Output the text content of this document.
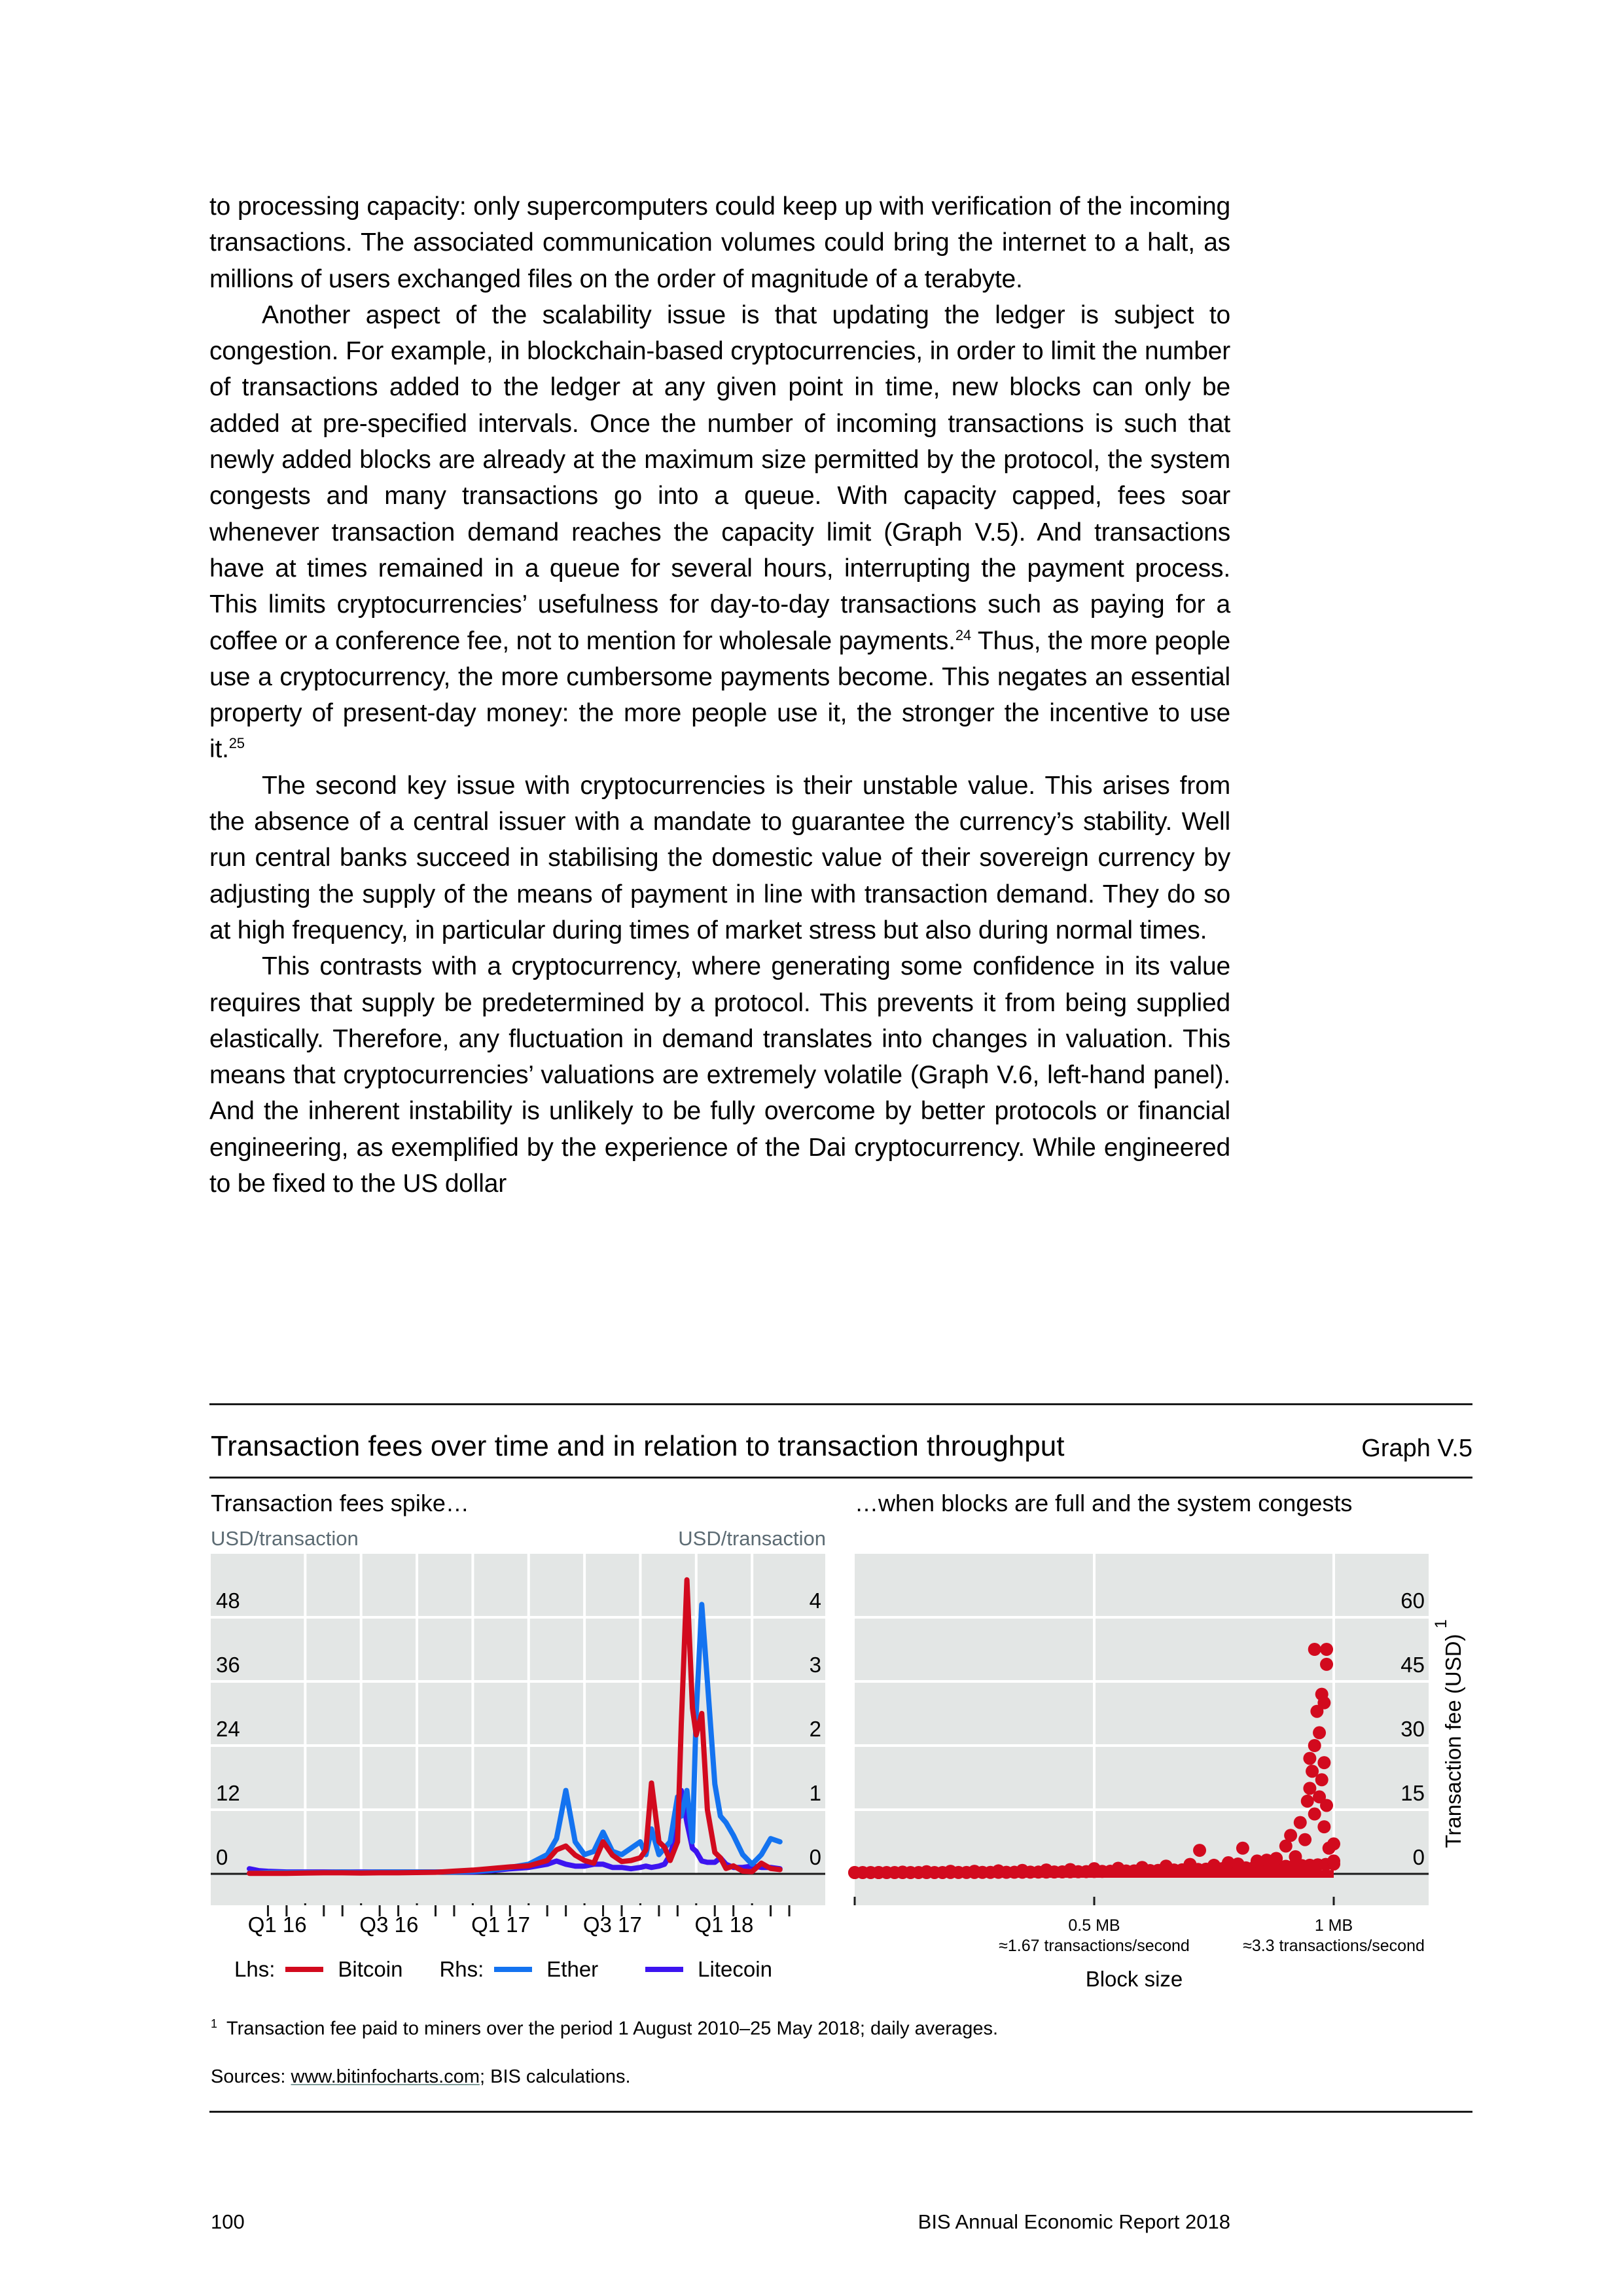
to processing capacity: only supercomputers could keep up with verification of the incoming transactions. The associated communication volumes could bring the internet to a halt, as millions of users exchanged files on the order of magnitude of a terabyte.

Another aspect of the scalability issue is that updating the ledger is subject to congestion. For example, in blockchain-based cryptocurrencies, in order to limit the number of transactions added to the ledger at any given point in time, new blocks can only be added at pre-specified intervals. Once the number of incoming transactions is such that newly added blocks are already at the maximum size permitted by the protocol, the system congests and many transactions go into a queue. With capacity capped, fees soar whenever transaction demand reaches the capacity limit (Graph V.5). And transactions have at times remained in a queue for several hours, interrupting the payment process. This limits cryptocurrencies’ usefulness for day-to-day transactions such as paying for a coffee or a conference fee, not to mention for wholesale payments.$^{24}$ Thus, the more people use a cryptocurrency, the more cumbersome payments become. This negates an essential property of present-day money: the more people use it, the stronger the incentive to use it.$^{25}$

The second key issue with cryptocurrencies is their unstable value. This arises from the absence of a central issuer with a mandate to guarantee the currency’s stability. Well run central banks succeed in stabilising the domestic value of their sovereign currency by adjusting the supply of the means of payment in line with transaction demand. They do so at high frequency, in particular during times of market stress but also during normal times.

This contrasts with a cryptocurrency, where generating some confidence in its value requires that supply be predetermined by a protocol. This prevents it from being supplied elastically. Therefore, any fluctuation in demand translates into changes in valuation. This means that cryptocurrencies’ valuations are extremely volatile (Graph V.6, left-hand panel). And the inherent instability is unlikely to be fully overcome by better protocols or financial engineering, as exemplified by the experience of the Dai cryptocurrency. While engineered to be fixed to the US dollar

Transaction fees over time and in relation to transaction throughput	Graph V.5
Transaction fees spike…	…when blocks are full and the system congests
USD/transaction	USD/transaction
0
12
24
36
48
0
1
2
3
4
Q1 16 Q3 16 Q1 17 Q3 17 Q1 18
0
15
30
45
60
0.5 MB
≈1.67 transactions/second
1 MB
≈3.3 transactions/second
Block size
Transaction fee (USD)
1
Lhs:	Bitcoin Rhs:	Ether	Litecoin
$^1$ Transaction fee paid to miners over the period 1 August 2010–25 May 2018; daily averages.
Sources: www.bitinfocharts.com; BIS calculations.
100	BIS Annual Economic Report 2018
